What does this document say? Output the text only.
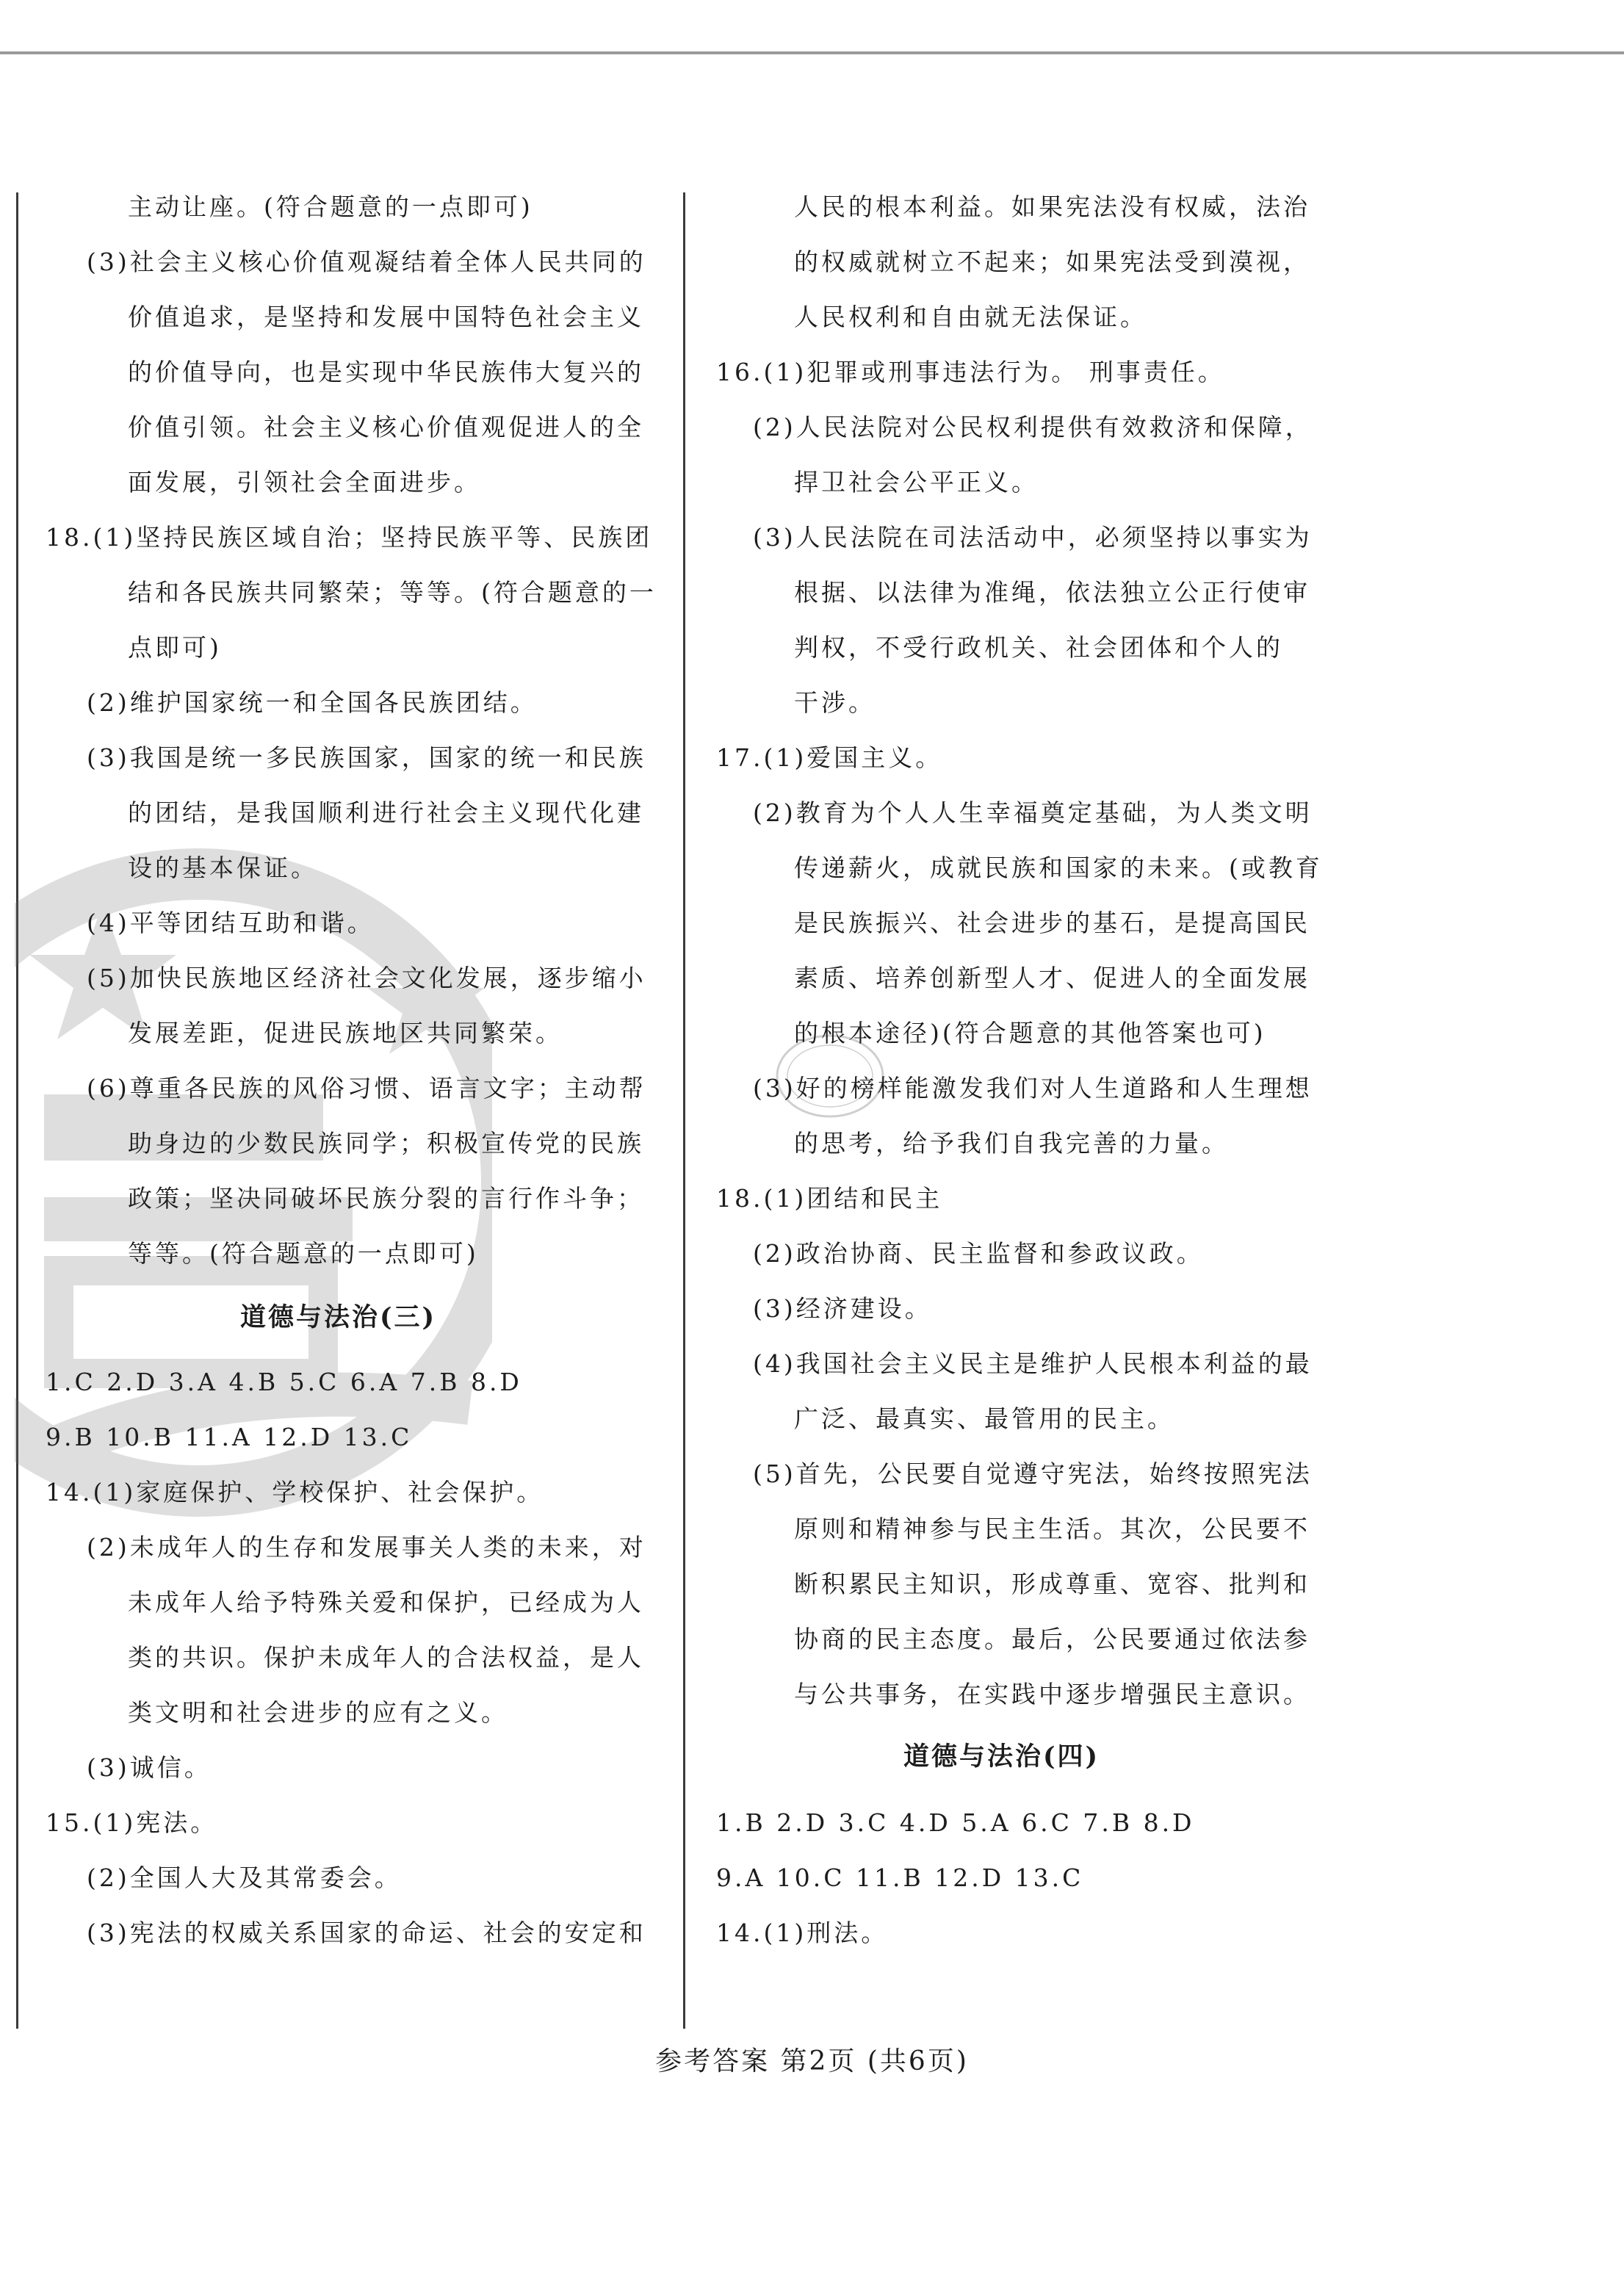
主动让座。(符合题意的一点即可)
(3)社会主义核心价值观凝结着全体人民共同的
价值追求，是坚持和发展中国特色社会主义
的价值导向，也是实现中华民族伟大复兴的
价值引领。社会主义核心价值观促进人的全
面发展，引领社会全面进步。
18.(1)坚持民族区域自治；坚持民族平等、民族团
结和各民族共同繁荣；等等。(符合题意的一
点即可)
(2)维护国家统一和全国各民族团结。
(3)我国是统一多民族国家，国家的统一和民族
的团结，是我国顺利进行社会主义现代化建
设的基本保证。
(4)平等团结互助和谐。
(5)加快民族地区经济社会文化发展，逐步缩小
发展差距，促进民族地区共同繁荣。
(6)尊重各民族的风俗习惯、语言文字；主动帮
助身边的少数民族同学；积极宣传党的民族
政策；坚决同破坏民族分裂的言行作斗争；
等等。(符合题意的一点即可)
道德与法治(三)
1.C 2.D 3.A 4.B 5.C 6.A 7.B 8.D
9.B 10.B 11.A 12.D 13.C
14.(1)家庭保护、学校保护、社会保护。
(2)未成年人的生存和发展事关人类的未来，对
未成年人给予特殊关爱和保护，已经成为人
类的共识。保护未成年人的合法权益，是人
类文明和社会进步的应有之义。
(3)诚信。
15.(1)宪法。
(2)全国人大及其常委会。
(3)宪法的权威关系国家的命运、社会的安定和
人民的根本利益。如果宪法没有权威，法治
的权威就树立不起来；如果宪法受到漠视，
人民权利和自由就无法保证。
16.(1)犯罪或刑事违法行为。 刑事责任。
(2)人民法院对公民权利提供有效救济和保障，
捍卫社会公平正义。
(3)人民法院在司法活动中，必须坚持以事实为
根据、以法律为准绳，依法独立公正行使审
判权，不受行政机关、社会团体和个人的
干涉。
17.(1)爱国主义。
(2)教育为个人人生幸福奠定基础，为人类文明
传递薪火，成就民族和国家的未来。(或教育
是民族振兴、社会进步的基石，是提高国民
素质、培养创新型人才、促进人的全面发展
的根本途径)(符合题意的其他答案也可)
(3)好的榜样能激发我们对人生道路和人生理想
的思考，给予我们自我完善的力量。
18.(1)团结和民主
(2)政治协商、民主监督和参政议政。
(3)经济建设。
(4)我国社会主义民主是维护人民根本利益的最
广泛、最真实、最管用的民主。
(5)首先，公民要自觉遵守宪法，始终按照宪法
原则和精神参与民主生活。其次，公民要不
断积累民主知识，形成尊重、宽容、批判和
协商的民主态度。最后，公民要通过依法参
与公共事务，在实践中逐步增强民主意识。
道德与法治(四)
1.B 2.D 3.C 4.D 5.A 6.C 7.B 8.D
9.A 10.C 11.B 12.D 13.C
14.(1)刑法。
参考答案 第2页 (共6页)
